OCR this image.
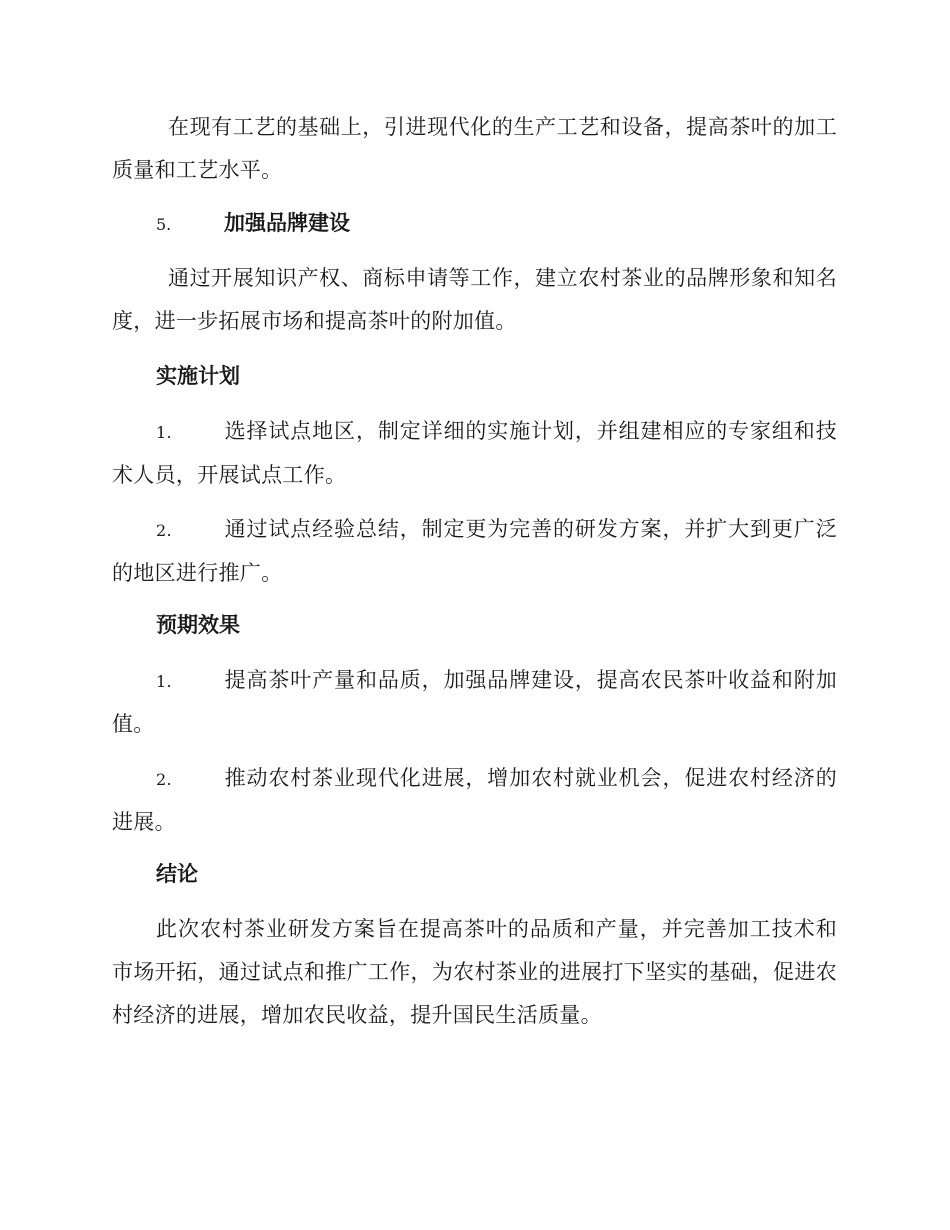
在现有工艺的基础上，引进现代化的生产工艺和设备，提高茶叶的加工质量和工艺水平。

5.	加强品牌建设

通过开展知识产权、商标申请等工作，建立农村茶业的品牌形象和知名度，进一步拓展市场和提高茶叶的附加值。

实施计划

1. 选择试点地区，制定详细的实施计划，并组建相应的专家组和技术人员，开展试点工作。

2. 通过试点经验总结，制定更为完善的研发方案，并扩大到更广泛的地区进行推广。

预期效果

1. 提高茶叶产量和品质，加强品牌建设，提高农民茶叶收益和附加值。

2. 推动农村茶业现代化进展，增加农村就业机会，促进农村经济的进展。

结论

此次农村茶业研发方案旨在提高茶叶的品质和产量，并完善加工技术和市场开拓，通过试点和推广工作，为农村茶业的进展打下坚实的基础，促进农村经济的进展，增加农民收益，提升国民生活质量。
